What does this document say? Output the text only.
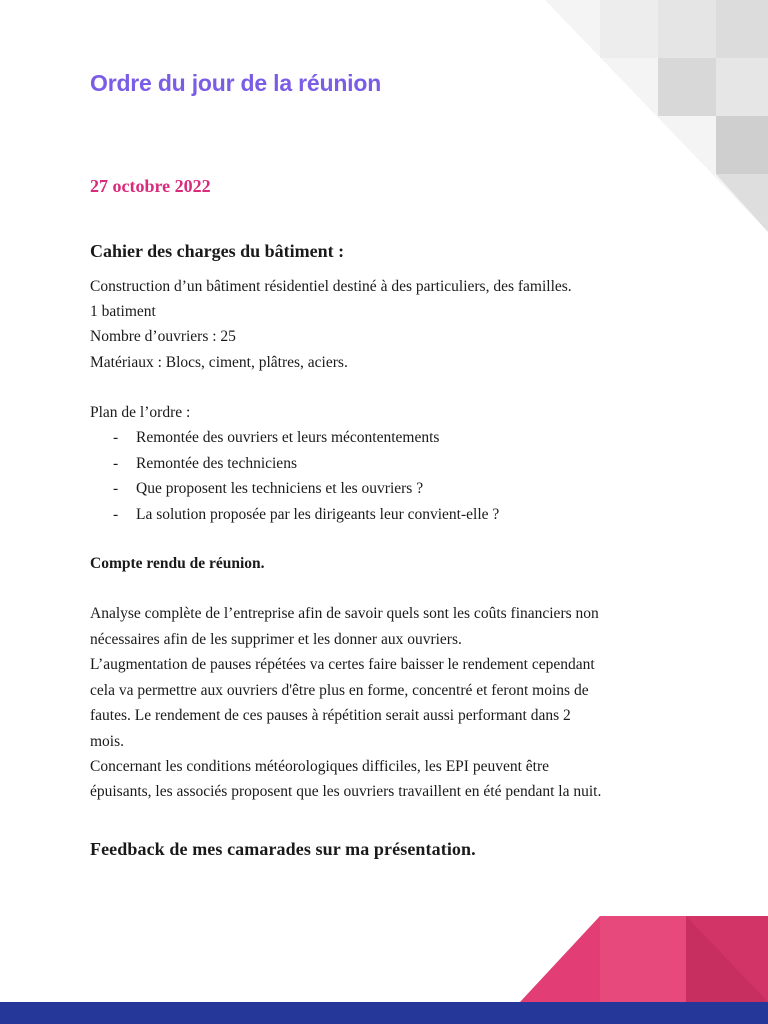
Ordre du jour de la réunion

27 octobre 2022

Cahier des charges du bâtiment :

Construction d’un bâtiment résidentiel destiné à des particuliers, des familles.

1 batiment

Nombre d’ouvriers : 25

Matériaux : Blocs, ciment, plâtres, aciers.

Plan de l’ordre :

- Remontée des ouvriers et leurs mécontentements

- Remontée des techniciens

- Que proposent les techniciens et les ouvriers ?

- La solution proposée par les dirigeants leur convient-elle ?

Compte rendu de réunion.

Analyse complète de l’entreprise afin de savoir quels sont les coûts financiers non

nécessaires afin de les supprimer et les donner aux ouvriers.

L’augmentation de pauses répétées va certes faire baisser le rendement cependant

cela va permettre aux ouvriers d'être plus en forme, concentré et feront moins de

fautes. Le rendement de ces pauses à répétition serait aussi performant dans 2

mois.

Concernant les conditions météorologiques difficiles, les EPI peuvent être

épuisants, les associés proposent que les ouvriers travaillent en été pendant la nuit.

Feedback de mes camarades sur ma présentation.
